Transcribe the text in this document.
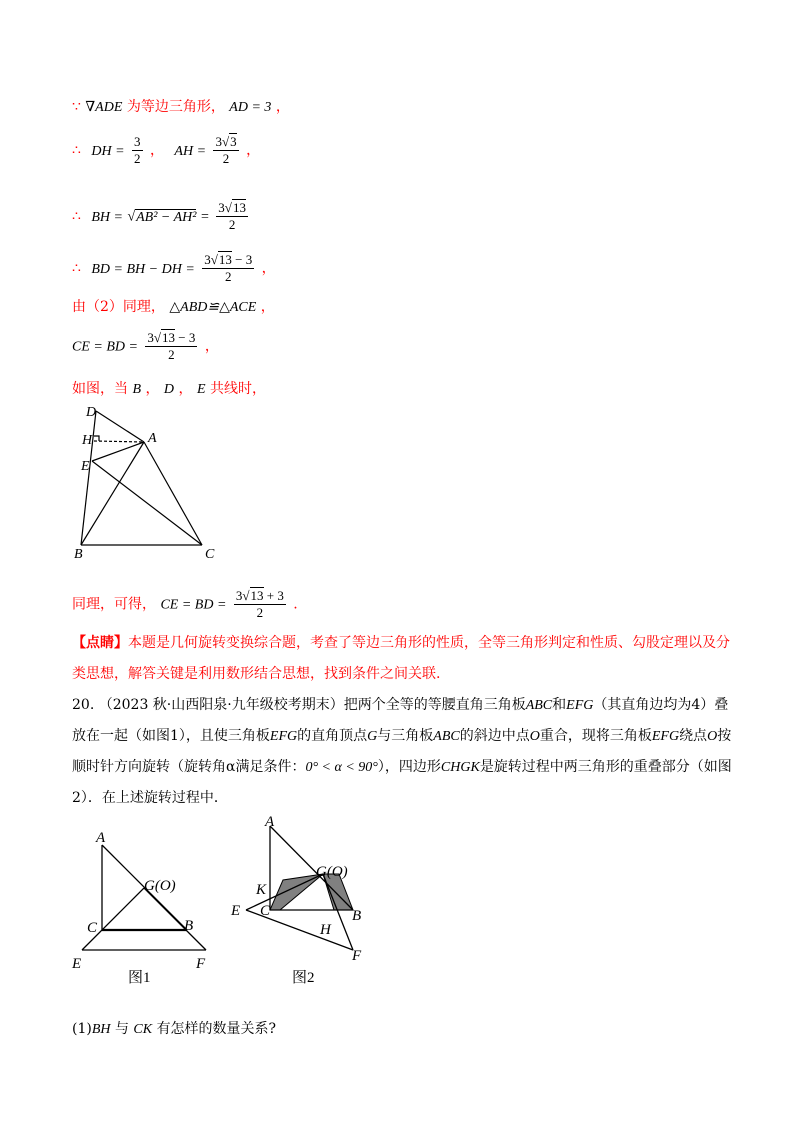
∵ ∇ADE 为等边三角形， AD = 3 ，
∴ DH = $\frac{3}{2}$ ， AH = $\frac{3√3}{2}$ ，
∴ BH = $√AB^2 - AH^2 = \frac{3√13}{2}$
∴ BD = BH − DH = $\frac{3√13 - 3}{2}$ ，
由（2）同理， △ABD≌△ACE ，
CE = BD = $\frac{3√13 - 3}{2}$ ，
如图，当 B ， D ， E 共线时，
D
H	A
E
B	C
同理，可得， CE = BD = $\frac{3√13 + 3}{2}$ .
【点睛】本题是几何旋转变换综合题，考查了等边三角形的性质，全等三角形判定和性质、勾股定理以及分类思想，解答关键是利用数形结合思想，找到条件之间关联.
20. （2023 秋·山西阳泉·九年级校考期末）把两个全等的等腰直角三角板ABC和EFG（其直角边均为4）叠放在一起（如图1），且使三角板EFG的直角顶点G与三角板ABC的斜边中点O重合，现将三角板EFG绕点O按顺时针方向旋转（旋转角α满足条件：0° < α < 90°），四边形CHGK是旋转过程中两三角形的重叠部分（如图2）．在上述旋转过程中．
A
G(O)
C	B
E	F
图1
A
G(O)
K
E C	B
H
F
图2
(1)BH 与 CK 有怎样的数量关系?
